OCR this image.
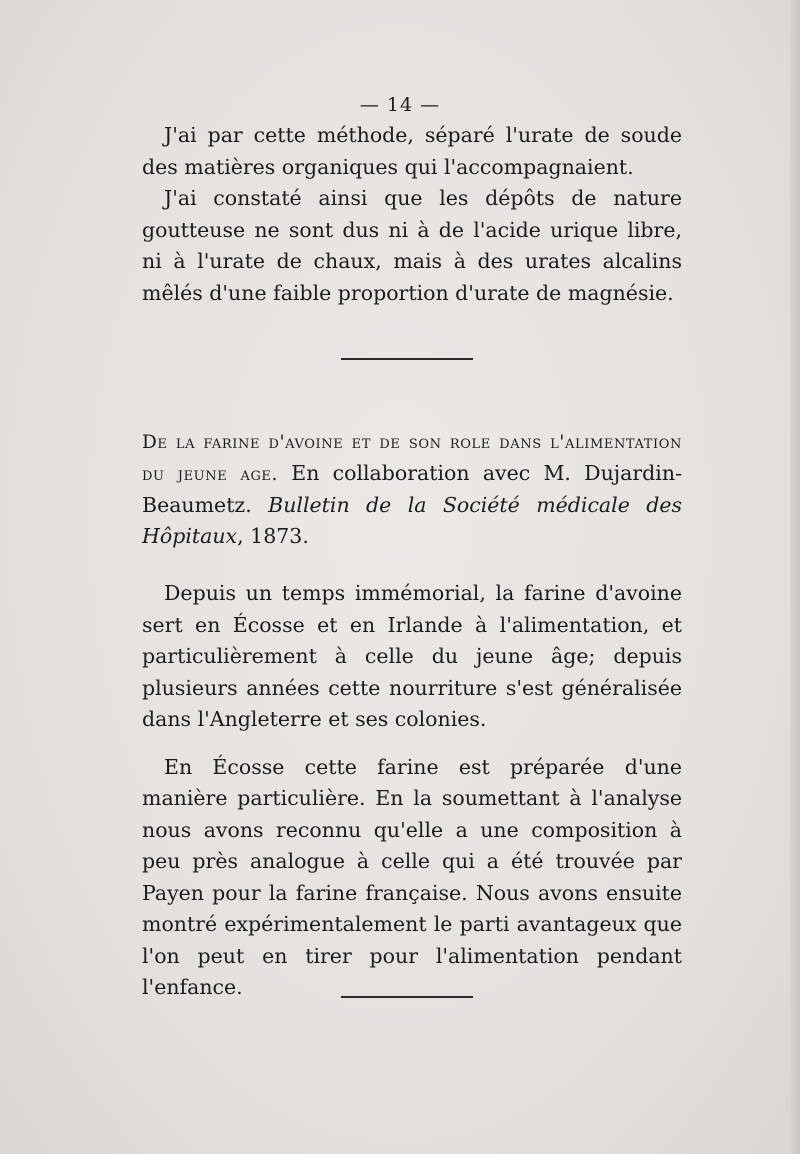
— 14 —

J'ai par cette méthode, séparé l'urate de soude des matières organiques qui l'accompagnaient.

J'ai constaté ainsi que les dépôts de nature goutteuse ne sont dus ni à de l'acide urique libre, ni à l'urate de chaux, mais à des urates alcalins mêlés d'une faible proportion d'urate de magnésie.

De la farine d'avoine et de son role dans l'alimentation du jeune age. En collaboration avec M. Dujardin-Beaumetz. Bulletin de la Société médicale des Hôpitaux, 1873.

Depuis un temps immémorial, la farine d'avoine sert en Écosse et en Irlande à l'alimentation, et particulièrement à celle du jeune âge; depuis plusieurs années cette nourriture s'est généralisée dans l'Angleterre et ses colonies.

En Écosse cette farine est préparée d'une manière particulière. En la soumettant à l'analyse nous avons reconnu qu'elle a une composition à peu près analogue à celle qui a été trouvée par Payen pour la farine française. Nous avons ensuite montré expérimentalement le parti avantageux que l'on peut en tirer pour l'alimentation pendant l'enfance.
